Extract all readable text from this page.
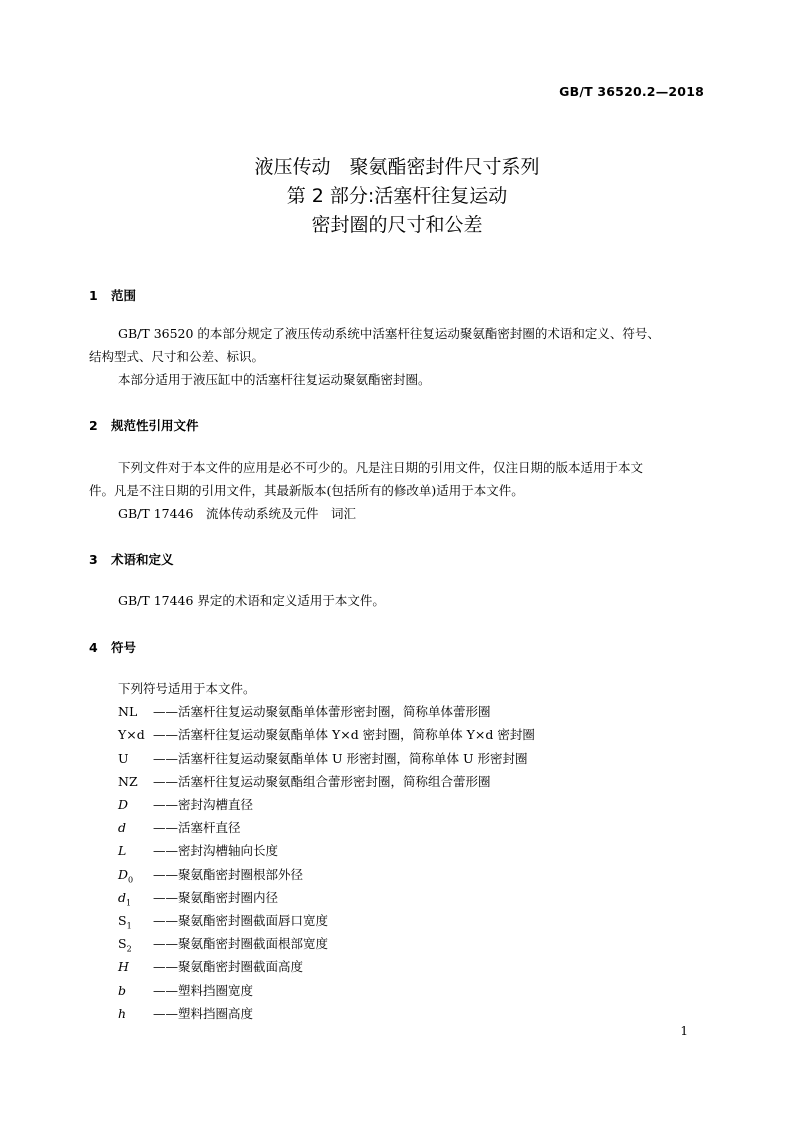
GB/T 36520.2—2018
液压传动　聚氨酯密封件尺寸系列
第 2 部分:活塞杆往复运动
密封圈的尺寸和公差
1 范围
GB/T 36520 的本部分规定了液压传动系统中活塞杆往复运动聚氨酯密封圈的术语和定义、符号、
结构型式、尺寸和公差、标识。
本部分适用于液压缸中的活塞杆往复运动聚氨酯密封圈。
2 规范性引用文件
下列文件对于本文件的应用是必不可少的。凡是注日期的引用文件，仅注日期的版本适用于本文
件。凡是不注日期的引用文件，其最新版本(包括所有的修改单)适用于本文件。
GB/T 17446　流体传动系统及元件　词汇
3 术语和定义
GB/T 17446 界定的术语和定义适用于本文件。
4 符号
下列符号适用于本文件。
NL ——活塞杆往复运动聚氨酯单体蕾形密封圈，简称单体蕾形圈
Y×d ——活塞杆往复运动聚氨酯单体 Y×d 密封圈，简称单体 Y×d 密封圈
U ——活塞杆往复运动聚氨酯单体 U 形密封圈，简称单体 U 形密封圈
NZ ——活塞杆往复运动聚氨酯组合蕾形密封圈，简称组合蕾形圈
D ——密封沟槽直径
d ——活塞杆直径
L ——密封沟槽轴向长度
$D_0$ ——聚氨酯密封圈根部外径
$d_1$ ——聚氨酯密封圈内径
$S_1$ ——聚氨酯密封圈截面唇口宽度
$S_2$ ——聚氨酯密封圈截面根部宽度
H ——聚氨酯密封圈截面高度
b ——塑料挡圈宽度
h ——塑料挡圈高度
1
